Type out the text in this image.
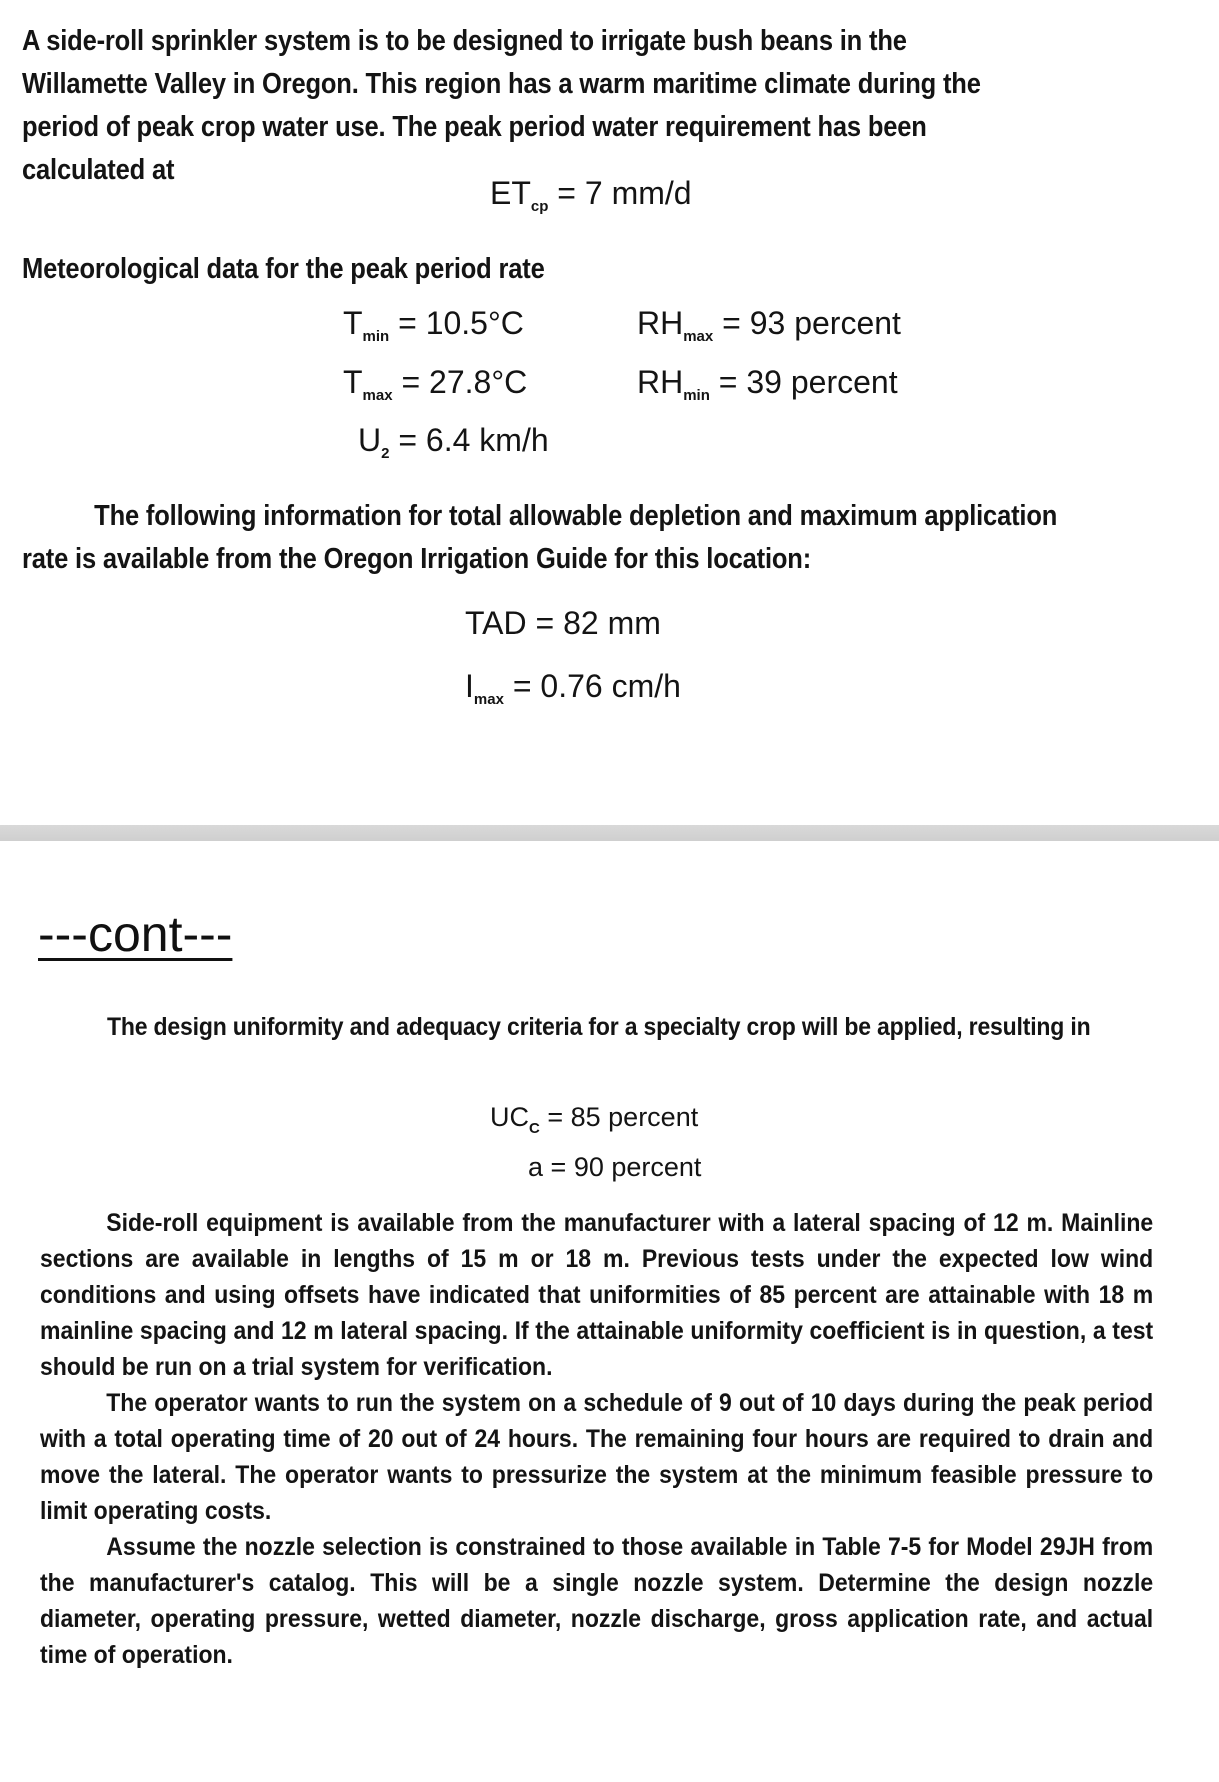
A side-roll sprinkler system is to be designed to irrigate bush beans in the Willamette Valley in Oregon. This region has a warm maritime climate during the period of peak crop water use. The peak period water requirement has been calculated at

$ET_{cp} = 7$ mm/d

Meteorological data for the peak period rate

$T_{min} = 10.5^\circ C$
$T_{max} = 27.8^\circ C$
$U_2 = 6.4$ km/h
$RH_{max} = 93$ percent
$RH_{min} = 39$ percent

The following information for total allowable depletion and maximum application rate is available from the Oregon Irrigation Guide for this location:

TAD = 82 mm
$I_{max} = 0.76$ cm/h
---cont---

The design uniformity and adequacy criteria for a specialty crop will be applied, resulting in

$UC_C = 85$ percent
a = 90 percent

Side-roll equipment is available from the manufacturer with a lateral spacing of 12 m. Mainline sections are available in lengths of 15 m or 18 m. Previous tests under the expected low wind conditions and using offsets have indicated that uniformities of 85 percent are attainable with 18 m mainline spacing and 12 m lateral spacing. If the attainable uniformity coefficient is in question, a test should be run on a trial system for verification.

The operator wants to run the system on a schedule of 9 out of 10 days during the peak period with a total operating time of 20 out of 24 hours. The remaining four hours are required to drain and move the lateral. The operator wants to pressurize the system at the minimum feasible pressure to limit operating costs.

Assume the nozzle selection is constrained to those available in Table 7-5 for Model 29JH from the manufacturer's catalog. This will be a single nozzle system. Determine the design nozzle diameter, operating pressure, wetted diameter, nozzle discharge, gross application rate, and actual time of operation.
